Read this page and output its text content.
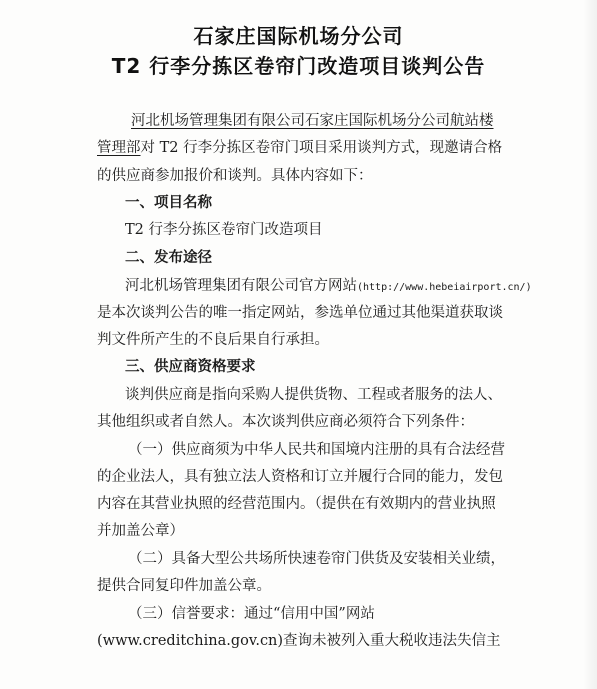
石家庄国际机场分公司
T2 行李分拣区卷帘门改造项目谈判公告
河北机场管理集团有限公司石家庄国际机场分公司航站楼
管理部对 T2 行李分拣区卷帘门项目采用谈判方式，现邀请合格
的供应商参加报价和谈判。具体内容如下：
一、项目名称
T2 行李分拣区卷帘门改造项目
二、发布途径
河北机场管理集团有限公司官方网站(http://www.hebeiairport.cn/)
是本次谈判公告的唯一指定网站，参选单位通过其他渠道获取谈
判文件所产生的不良后果自行承担。
三、供应商资格要求
谈判供应商是指向采购人提供货物、工程或者服务的法人、
其他组织或者自然人。本次谈判供应商必须符合下列条件：
（一）供应商须为中华人民共和国境内注册的具有合法经营
的企业法人，具有独立法人资格和订立并履行合同的能力，发包
内容在其营业执照的经营范围内。（提供在有效期内的营业执照
并加盖公章）
（二）具备大型公共场所快速卷帘门供货及安装相关业绩，
提供合同复印件加盖公章。
（三）信誉要求：通过“信用中国”网站
(www.creditchina.gov.cn)查询未被列入重大税收违法失信主
